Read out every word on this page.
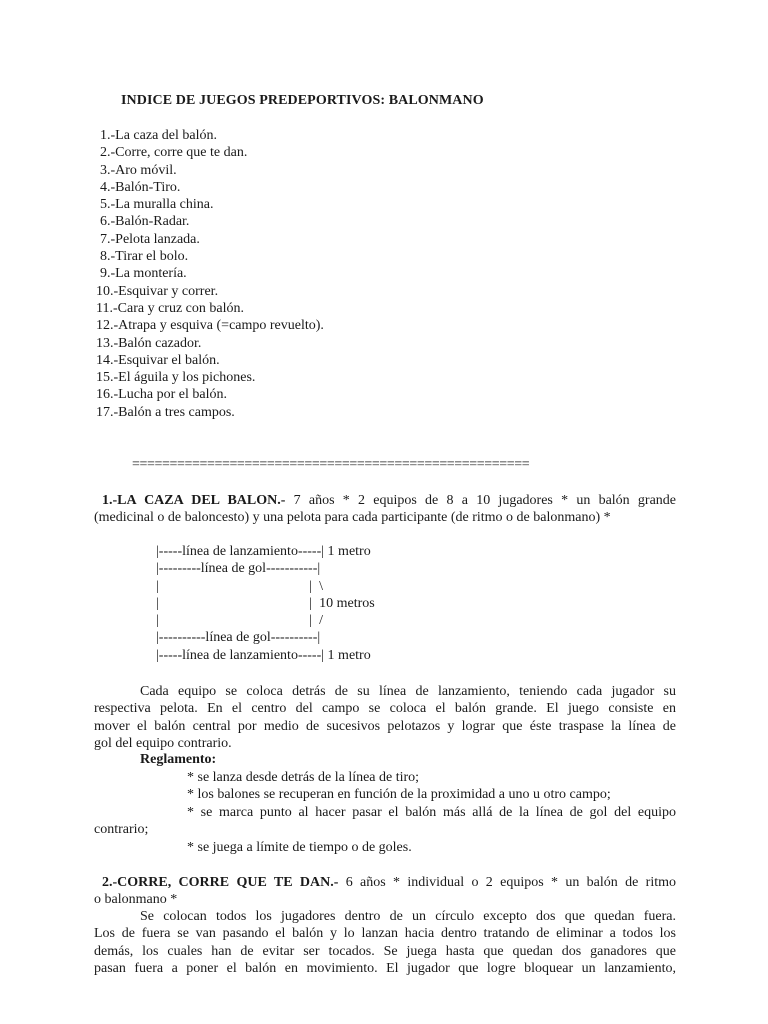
INDICE DE JUEGOS PREDEPORTIVOS: BALONMANO
1.-La caza del balón.
2.-Corre, corre que te dan.
3.-Aro móvil.
4.-Balón-Tiro.
5.-La muralla china.
6.-Balón-Radar.
7.-Pelota lanzada.
8.-Tirar el bolo.
9.-La montería.
10.-Esquivar y correr.
11.-Cara y cruz con balón.
12.-Atrapa y esquiva (=campo revuelto).
13.-Balón cazador.
14.-Esquivar el balón.
15.-El águila y los pichones.
16.-Lucha por el balón.
17.-Balón a tres campos.
=====================================================
1.-LA CAZA DEL BALON.- 7 años * 2 equipos de 8 a 10 jugadores * un balón grande
(medicinal o de baloncesto) y una pelota para cada participante (de ritmo o de balonmano) *
|-----línea de lanzamiento-----| 1 metro
|---------línea de gol-----------|
|                                           |  \
|                                           |  10 metros
|                                           |  /
|----------línea de gol----------|
|-----línea de lanzamiento-----| 1 metro
Cada equipo se coloca detrás de su línea de lanzamiento, teniendo cada jugador su
respectiva pelota. En el centro del campo se coloca el balón grande. El juego consiste en
mover el balón central por medio de sucesivos pelotazos y lograr que éste traspase la línea de
gol del equipo contrario.
Reglamento:
* se lanza desde detrás de la línea de tiro;
* los balones se recuperan en función de la proximidad a uno u otro campo;
* se marca punto al hacer pasar el balón más allá de la línea de gol del equipo
contrario;
* se juega a límite de tiempo o de goles.
2.-CORRE, CORRE QUE TE DAN.- 6 años * individual o 2 equipos * un balón de ritmo
o balonmano *
Se colocan todos los jugadores dentro de un círculo excepto dos que quedan fuera.
Los de fuera se van pasando el balón y lo lanzan hacia dentro tratando de eliminar a todos los
demás, los cuales han de evitar ser tocados. Se juega hasta que quedan dos ganadores que
pasan fuera a poner el balón en movimiento. El jugador que logre bloquear un lanzamiento,
